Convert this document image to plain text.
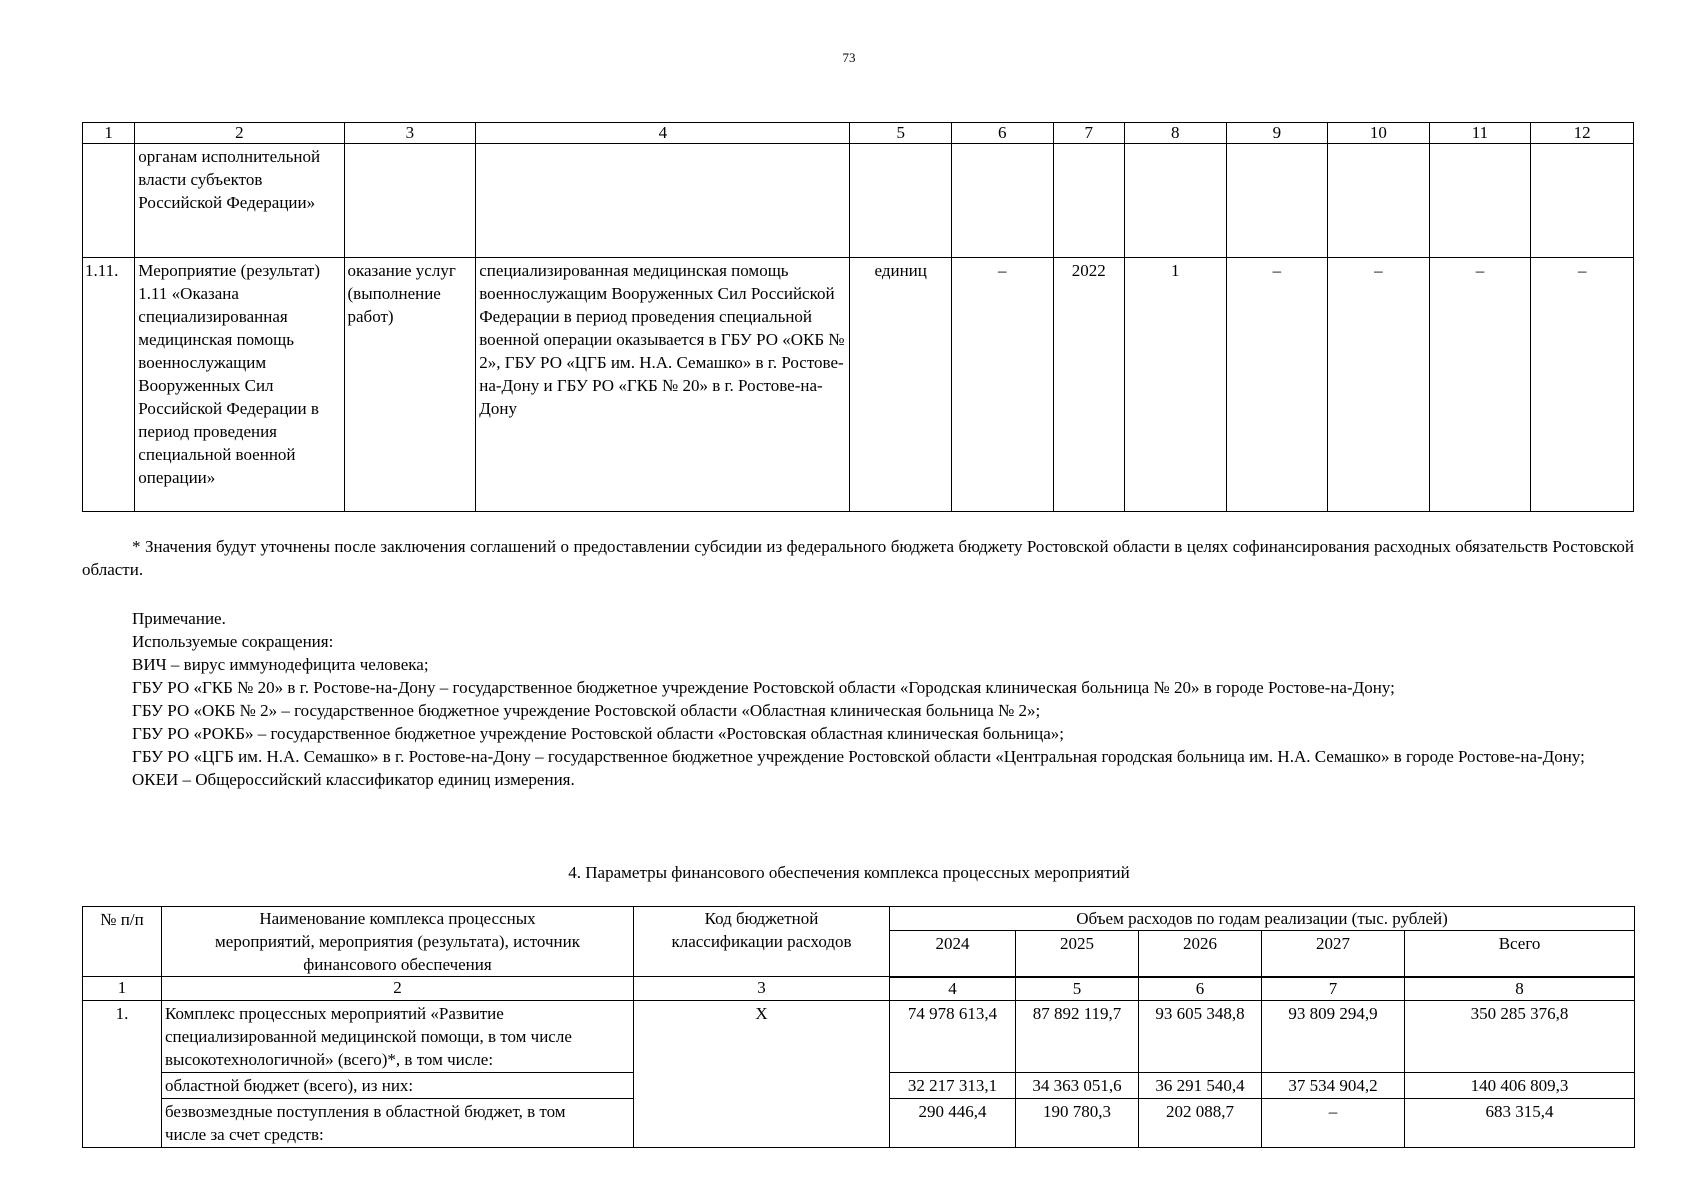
73
1	2	3	4	5	6	7	8	9	10	11	12
	органам исполнительной власти субъектов Российской Федерации»										
1.11.	Мероприятие (результат) 1.11 «Оказана специализированная медицинская помощь военнослужащим Вооруженных Сил Российской Федерации в период проведения специальной военной операции»	оказание услуг (выполнение работ)	специализированная медицинская помощь военнослужащим Вооруженных Сил Российской Федерации в период проведения специальной военной операции оказывается в ГБУ РО «ОКБ № 2», ГБУ РО «ЦГБ им. Н.А. Семашко» в г. Ростове-на-Дону и ГБУ РО «ГКБ № 20» в г. Ростове-на-Дону	единиц	–	2022	1	–	–	–	–

* Значения будут уточнены после заключения соглашений о предоставлении субсидии из федерального бюджета бюджету Ростовской области в целях софинансирования расходных обязательств Ростовской области.

Примечание.

Используемые сокращения:

ВИЧ – вирус иммунодефицита человека;

ГБУ РО «ГКБ № 20» в г. Ростове-на-Дону – государственное бюджетное учреждение Ростовской области «Городская клиническая больница № 20» в городе Ростове-на-Дону;

ГБУ РО «ОКБ № 2» – государственное бюджетное учреждение Ростовской области «Областная клиническая больница № 2»;

ГБУ РО «РОКБ» – государственное бюджетное учреждение Ростовской области «Ростовская областная клиническая больница»;

ГБУ РО «ЦГБ им. Н.А. Семашко» в г. Ростове-на-Дону – государственное бюджетное учреждение Ростовской области «Центральная городская больница им. Н.А. Семашко» в городе Ростове-на-Дону;

ОКЕИ – Общероссийский классификатор единиц измерения.

4. Параметры финансового обеспечения комплекса процессных мероприятий
№ п/п	Наименование комплекса процессных мероприятий, мероприятия (результата), источник финансового обеспечения	Код бюджетной классификации расходов	Объем расходов по годам реализации (тыс. рублей)				
			2024	2025	2026	2027	Всего
1	2	3	4	5	6	7	8
1.	Комплекс процессных мероприятий «Развитие специализированной медицинской помощи, в том числе высокотехнологичной» (всего)*, в том числе:	Х	74 978 613,4	87 892 119,7	93 605 348,8	93 809 294,9	350 285 376,8
	областной бюджет (всего), из них:		32 217 313,1	34 363 051,6	36 291 540,4	37 534 904,2	140 406 809,3
	безвозмездные поступления в областной бюджет, в том числе за счет средств:		290 446,4	190 780,3	202 088,7	–	683 315,4
